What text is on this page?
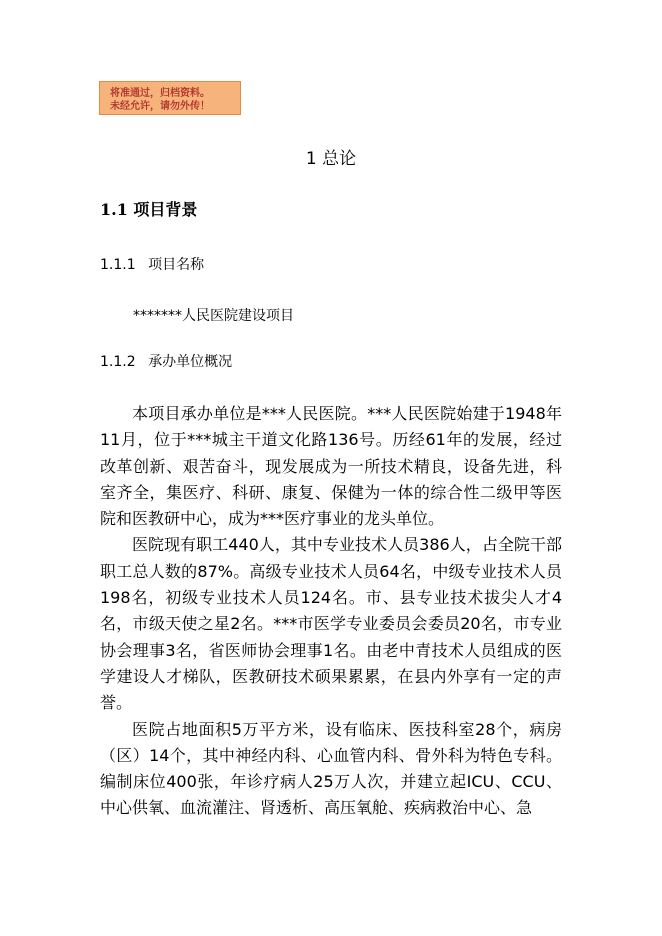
将准通过，归档资料。
未经允许，请勿外传！
1 总论
1.1 项目背景
1.1.1 项目名称
*******人民医院建设项目
1.1.2 承办单位概况

本项目承办单位是***人民医院。***人民医院始建于1948年11月，位于***城主干道文化路136号。历经61年的发展，经过改革创新、艰苦奋斗，现发展成为一所技术精良，设备先进，科室齐全，集医疗、科研、康复、保健为一体的综合性二级甲等医院和医教研中心，成为***医疗事业的龙头单位。

医院现有职工440人，其中专业技术人员386人，占全院干部职工总人数的87%。高级专业技术人员64名，中级专业技术人员198名，初级专业技术人员124名。市、县专业技术拔尖人才4名，市级天使之星2名。***市医学专业委员会委员20名，市专业协会理事3名，省医师协会理事1名。由老中青技术人员组成的医学建设人才梯队，医教研技术硕果累累，在县内外享有一定的声誉。

医院占地面积5万平方米，设有临床、医技科室28个，病房（区）14个，其中神经内科、心血管内科、骨外科为特色专科。编制床位400张，年诊疗病人25万人次，并建立起ICU、CCU、中心供氧、血流灌注、肾透析、高压氧舱、疾病救治中心、急
